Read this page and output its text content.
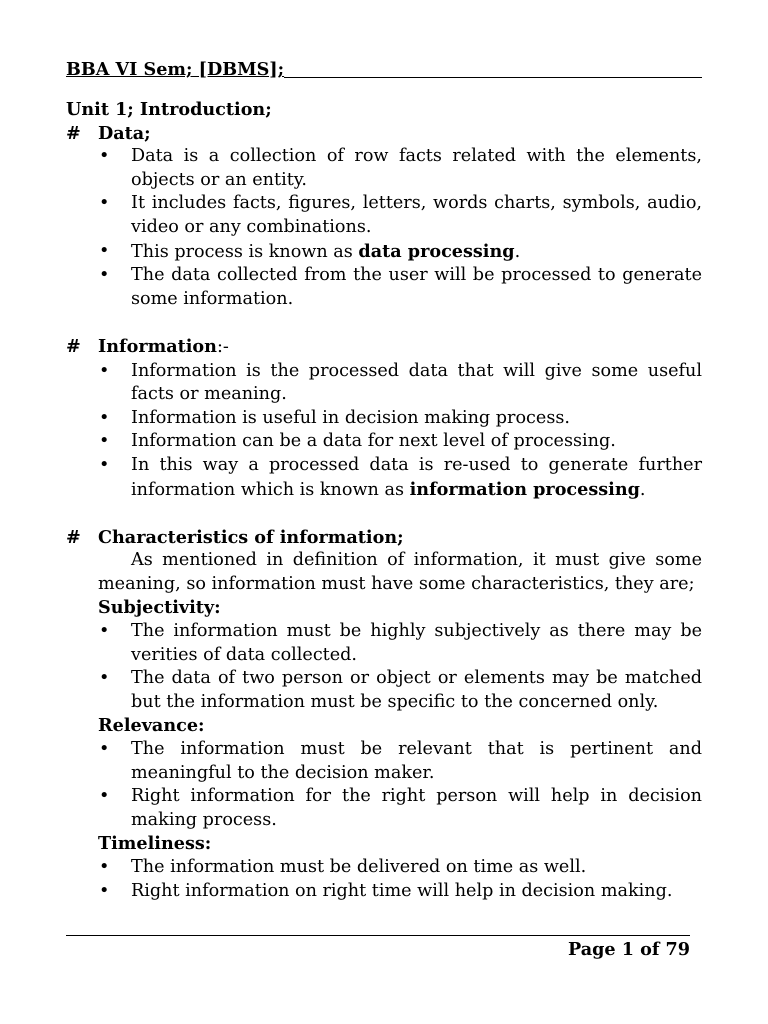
BBA VI Sem; [DBMS];
Unit 1; Introduction;
# Data;
• Data is a collection of row facts related with the elements, objects or an entity.
• It includes facts, figures, letters, words charts, symbols, audio, video or any combinations.
• This process is known as data processing.
• The data collected from the user will be processed to generate some information.
# Information:-
• Information is the processed data that will give some useful facts or meaning.
• Information is useful in decision making process.
• Information can be a data for next level of processing.
• In this way a processed data is re-used to generate further information which is known as information processing.
# Characteristics of information;
As mentioned in definition of information, it must give some meaning, so information must have some characteristics, they are;
Subjectivity:
• The information must be highly subjectively as there may be verities of data collected.
• The data of two person or object or elements may be matched but the information must be specific to the concerned only.
Relevance:
• The information must be relevant that is pertinent and meaningful to the decision maker.
• Right information for the right person will help in decision making process.
Timeliness:
• The information must be delivered on time as well.
• Right information on right time will help in decision making.
Page 1 of 79
